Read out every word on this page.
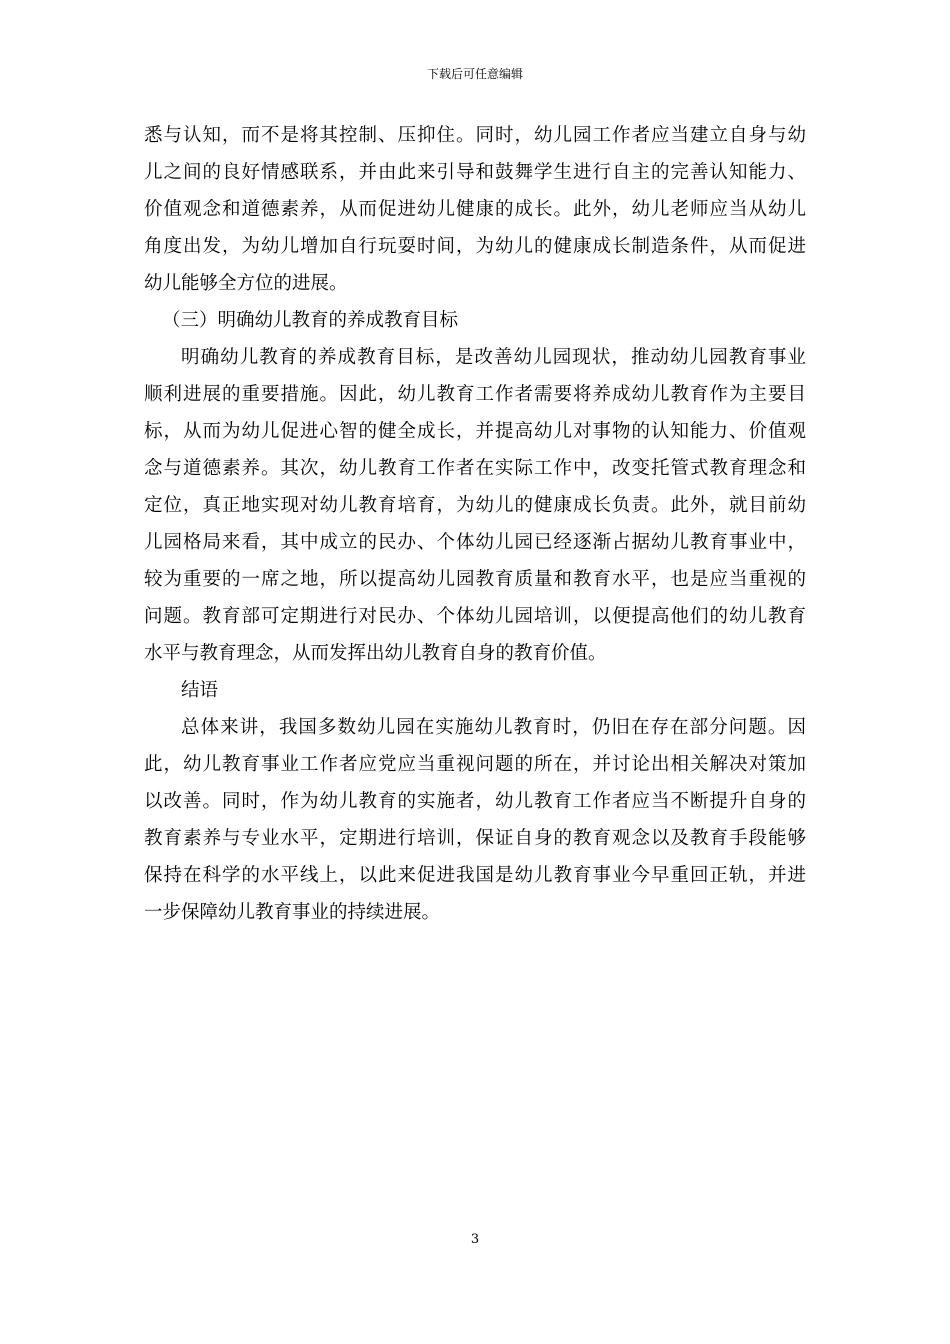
下载后可任意编辑
悉与认知，而不是将其控制、压抑住。同时，幼儿园工作者应当建立自身与幼
儿之间的良好情感联系，并由此来引导和鼓舞学生进行自主的完善认知能力、
价值观念和道德素养，从而促进幼儿健康的成长。此外，幼儿老师应当从幼儿
角度出发，为幼儿增加自行玩耍时间，为幼儿的健康成长制造条件，从而促进
幼儿能够全方位的进展。
（三）明确幼儿教育的养成教育目标
明确幼儿教育的养成教育目标，是改善幼儿园现状，推动幼儿园教育事业
顺利进展的重要措施。因此，幼儿教育工作者需要将养成幼儿教育作为主要目
标，从而为幼儿促进心智的健全成长，并提高幼儿对事物的认知能力、价值观
念与道德素养。其次，幼儿教育工作者在实际工作中，改变托管式教育理念和
定位，真正地实现对幼儿教育培育，为幼儿的健康成长负责。此外，就目前幼
儿园格局来看，其中成立的民办、个体幼儿园已经逐渐占据幼儿教育事业中，
较为重要的一席之地，所以提高幼儿园教育质量和教育水平，也是应当重视的
问题。教育部可定期进行对民办、个体幼儿园培训，以便提高他们的幼儿教育
水平与教育理念，从而发挥出幼儿教育自身的教育价值。
结语
总体来讲，我国多数幼儿园在实施幼儿教育时，仍旧在存在部分问题。因
此，幼儿教育事业工作者应党应当重视问题的所在，并讨论出相关解决对策加
以改善。同时，作为幼儿教育的实施者，幼儿教育工作者应当不断提升自身的
教育素养与专业水平，定期进行培训，保证自身的教育观念以及教育手段能够
保持在科学的水平线上，以此来促进我国是幼儿教育事业今早重回正轨，并进
一步保障幼儿教育事业的持续进展。
3
